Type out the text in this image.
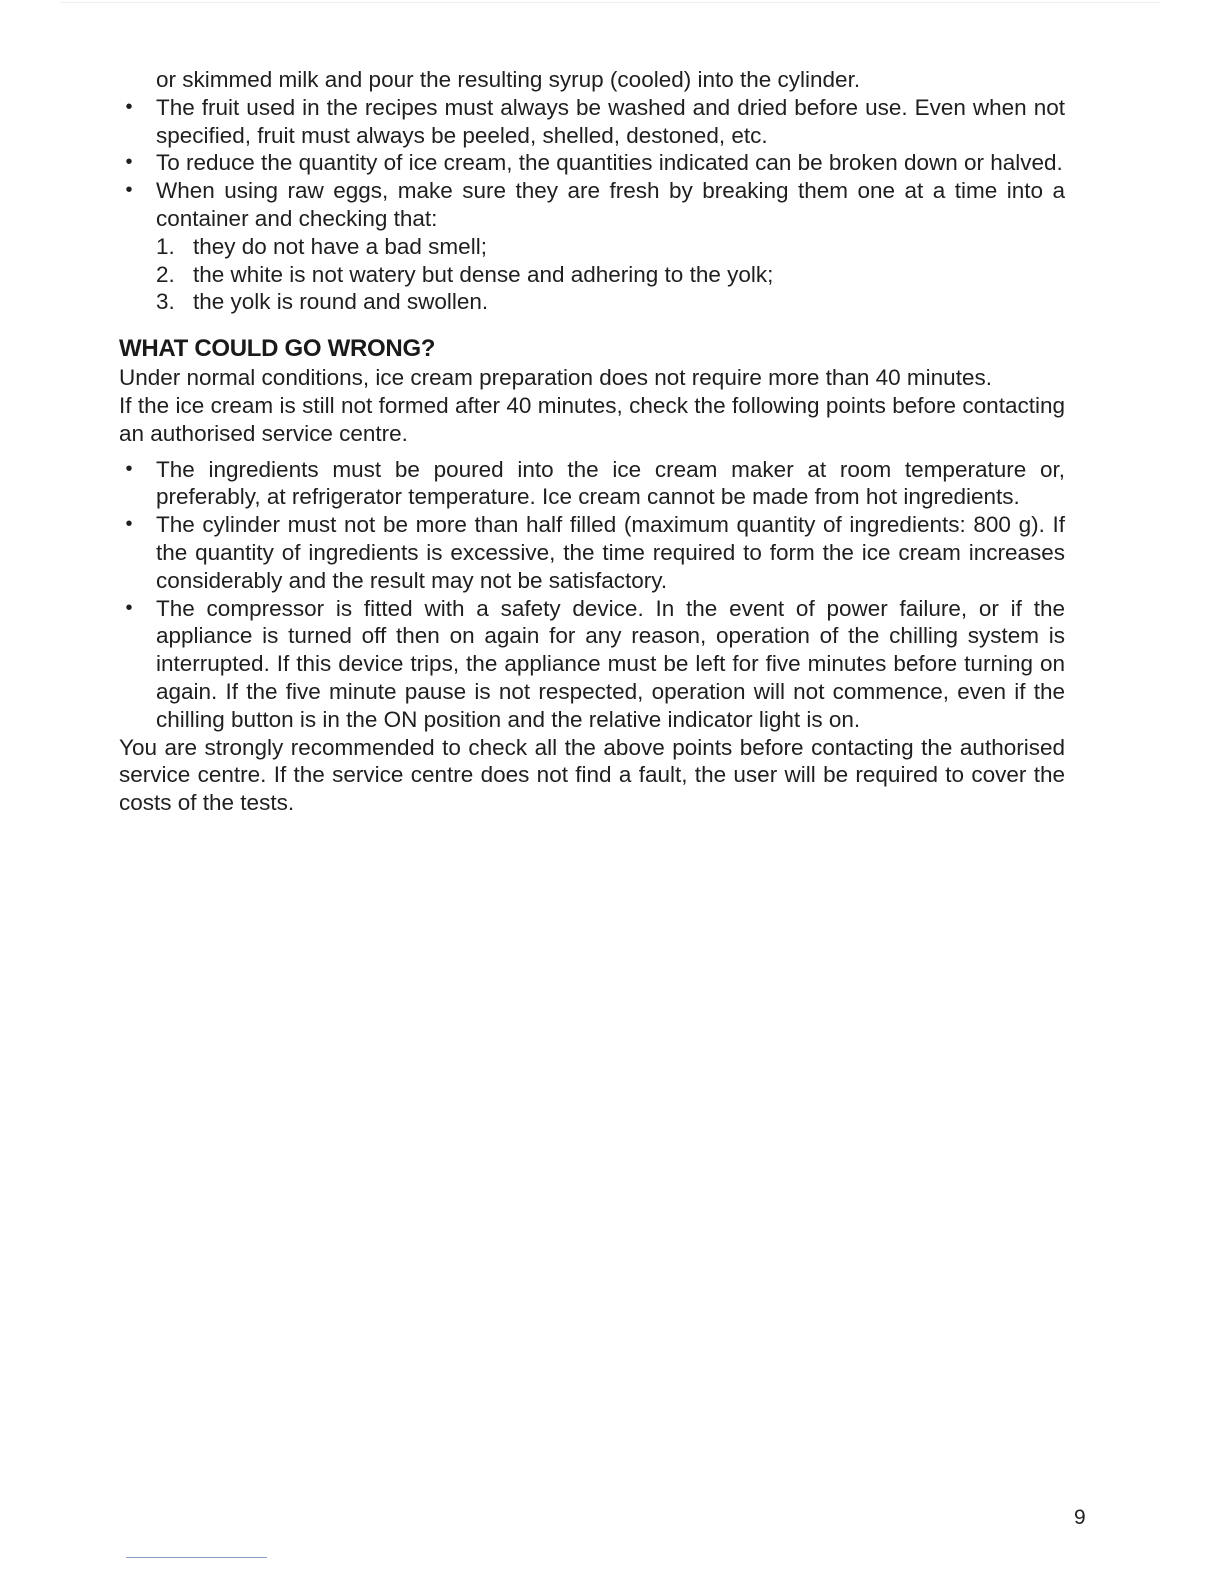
or skimmed milk and pour the resulting syrup (cooled) into the cylinder.

• The fruit used in the recipes must always be washed and dried before use. Even when not specified, fruit must always be peeled, shelled, destoned, etc.
• To reduce the quantity of ice cream, the quantities indicated can be broken down or halved.
• When using raw eggs, make sure they are fresh by breaking them one at a time into a container and checking that:
1. they do not have a bad smell;
2. the white is not watery but dense and adhering to the yolk;
3. the yolk is round and swollen.
WHAT COULD GO WRONG?

Under normal conditions, ice cream preparation does not require more than 40 minutes.

If the ice cream is still not formed after 40 minutes, check the following points before contacting an authorised service centre.

• The ingredients must be poured into the ice cream maker at room temperature or, preferably, at refrigerator temperature. Ice cream cannot be made from hot ingredients.
• The cylinder must not be more than half filled (maximum quantity of ingredients: 800 g). If the quantity of ingredients is excessive, the time required to form the ice cream increases considerably and the result may not be satisfactory.
• The compressor is fitted with a safety device. In the event of power failure, or if the appliance is turned off then on again for any reason, operation of the chilling system is interrupted. If this device trips, the appliance must be left for five minutes before turning on again. If the five minute pause is not respected, operation will not commence, even if the chilling button is in the ON position and the relative indicator light is on.

You are strongly recommended to check all the above points before contacting the authorised service centre. If the service centre does not find a fault, the user will be required to cover the costs of the tests.

9
